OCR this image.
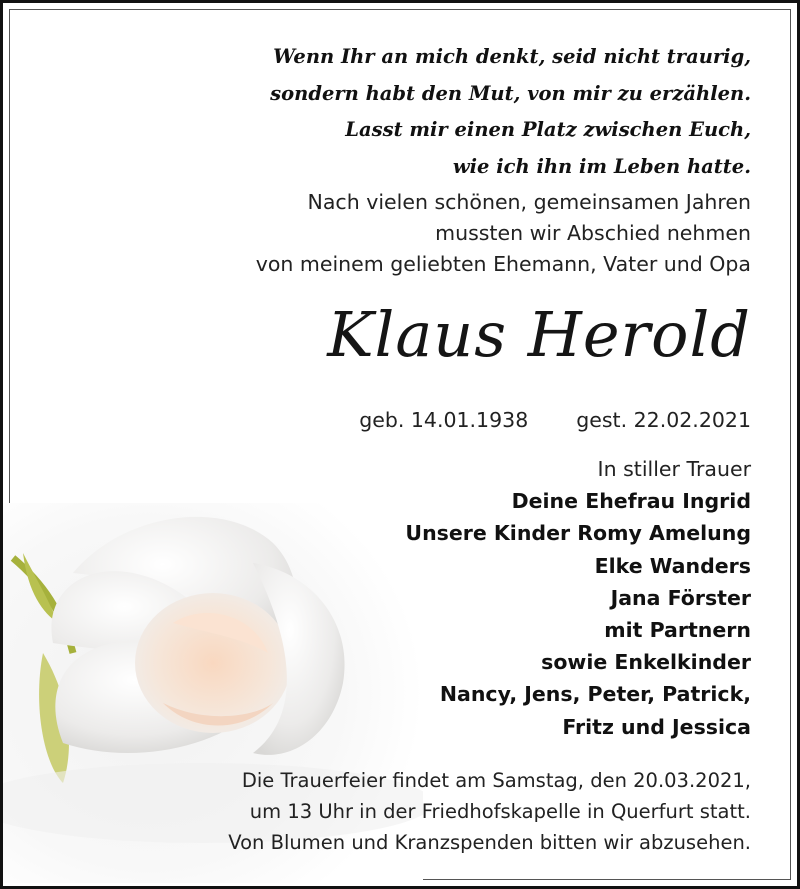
Wenn Ihr an mich denkt, seid nicht traurig,
sondern habt den Mut, von mir zu erzählen.
Lasst mir einen Platz zwischen Euch,
wie ich ihn im Leben hatte.
Nach vielen schönen, gemeinsamen Jahren
mussten wir Abschied nehmen
von meinem geliebten Ehemann, Vater und Opa
Klaus Herold
geb. 14.01.1938 gest. 22.02.2021
In stiller Trauer
Deine Ehefrau Ingrid
Unsere Kinder Romy Amelung
Elke Wanders
Jana Förster
mit Partnern
sowie Enkelkinder
Nancy, Jens, Peter, Patrick,
Fritz und Jessica
Die Trauerfeier findet am Samstag, den 20.03.2021,
um 13 Uhr in der Friedhofskapelle in Querfurt statt.
Von Blumen und Kranzspenden bitten wir abzusehen.
